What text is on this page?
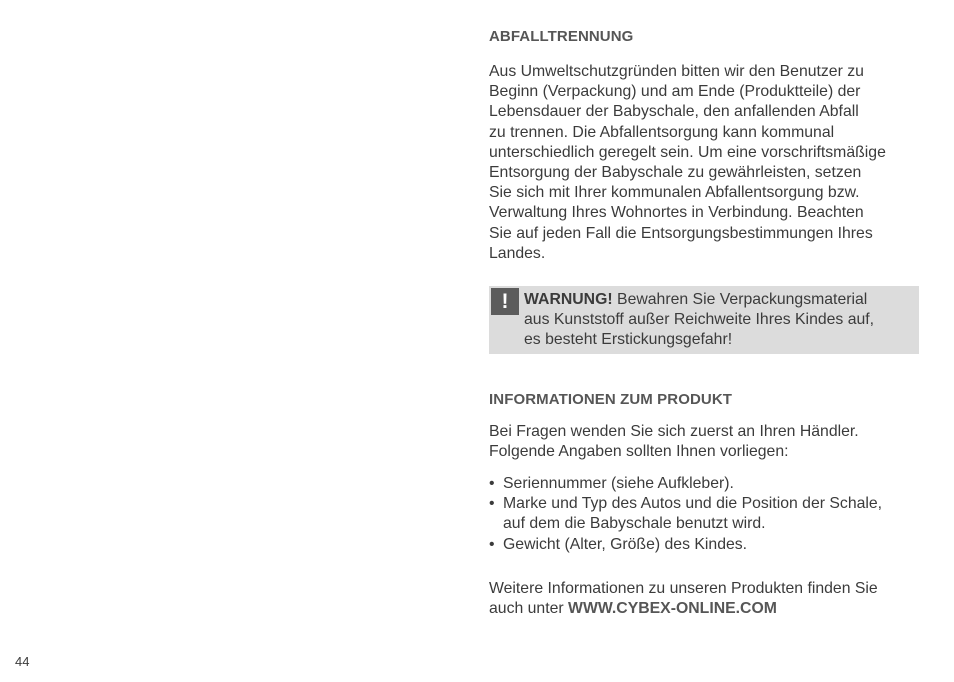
ABFALLTRENNUNG

Aus Umweltschutzgründen bitten wir den Benutzer zu
Beginn (Verpackung) und am Ende (Produktteile) der
Lebensdauer der Babyschale, den anfallenden Abfall
zu trennen. Die Abfallentsorgung kann kommunal
unterschiedlich geregelt sein. Um eine vorschriftsmäßige
Entsorgung der Babyschale zu gewährleisten, setzen
Sie sich mit Ihrer kommunalen Abfallentsorgung bzw.
Verwaltung Ihres Wohnortes in Verbindung. Beachten
Sie auf jeden Fall die Entsorgungsbestimmungen Ihres
Landes.

! WARNUNG! Bewahren Sie Verpackungsmaterial
aus Kunststoff außer Reichweite Ihres Kindes auf,
es besteht Erstickungsgefahr!

INFORMATIONEN ZUM PRODUKT

Bei Fragen wenden Sie sich zuerst an Ihren Händler.
Folgende Angaben sollten Ihnen vorliegen:

• Seriennummer (siehe Aufkleber).
• Marke und Typ des Autos und die Position der Schale,
auf dem die Babyschale benutzt wird.
• Gewicht (Alter, Größe) des Kindes.

Weitere Informationen zu unseren Produkten finden Sie
auch unter WWW.CYBEX-ONLINE.COM

44
